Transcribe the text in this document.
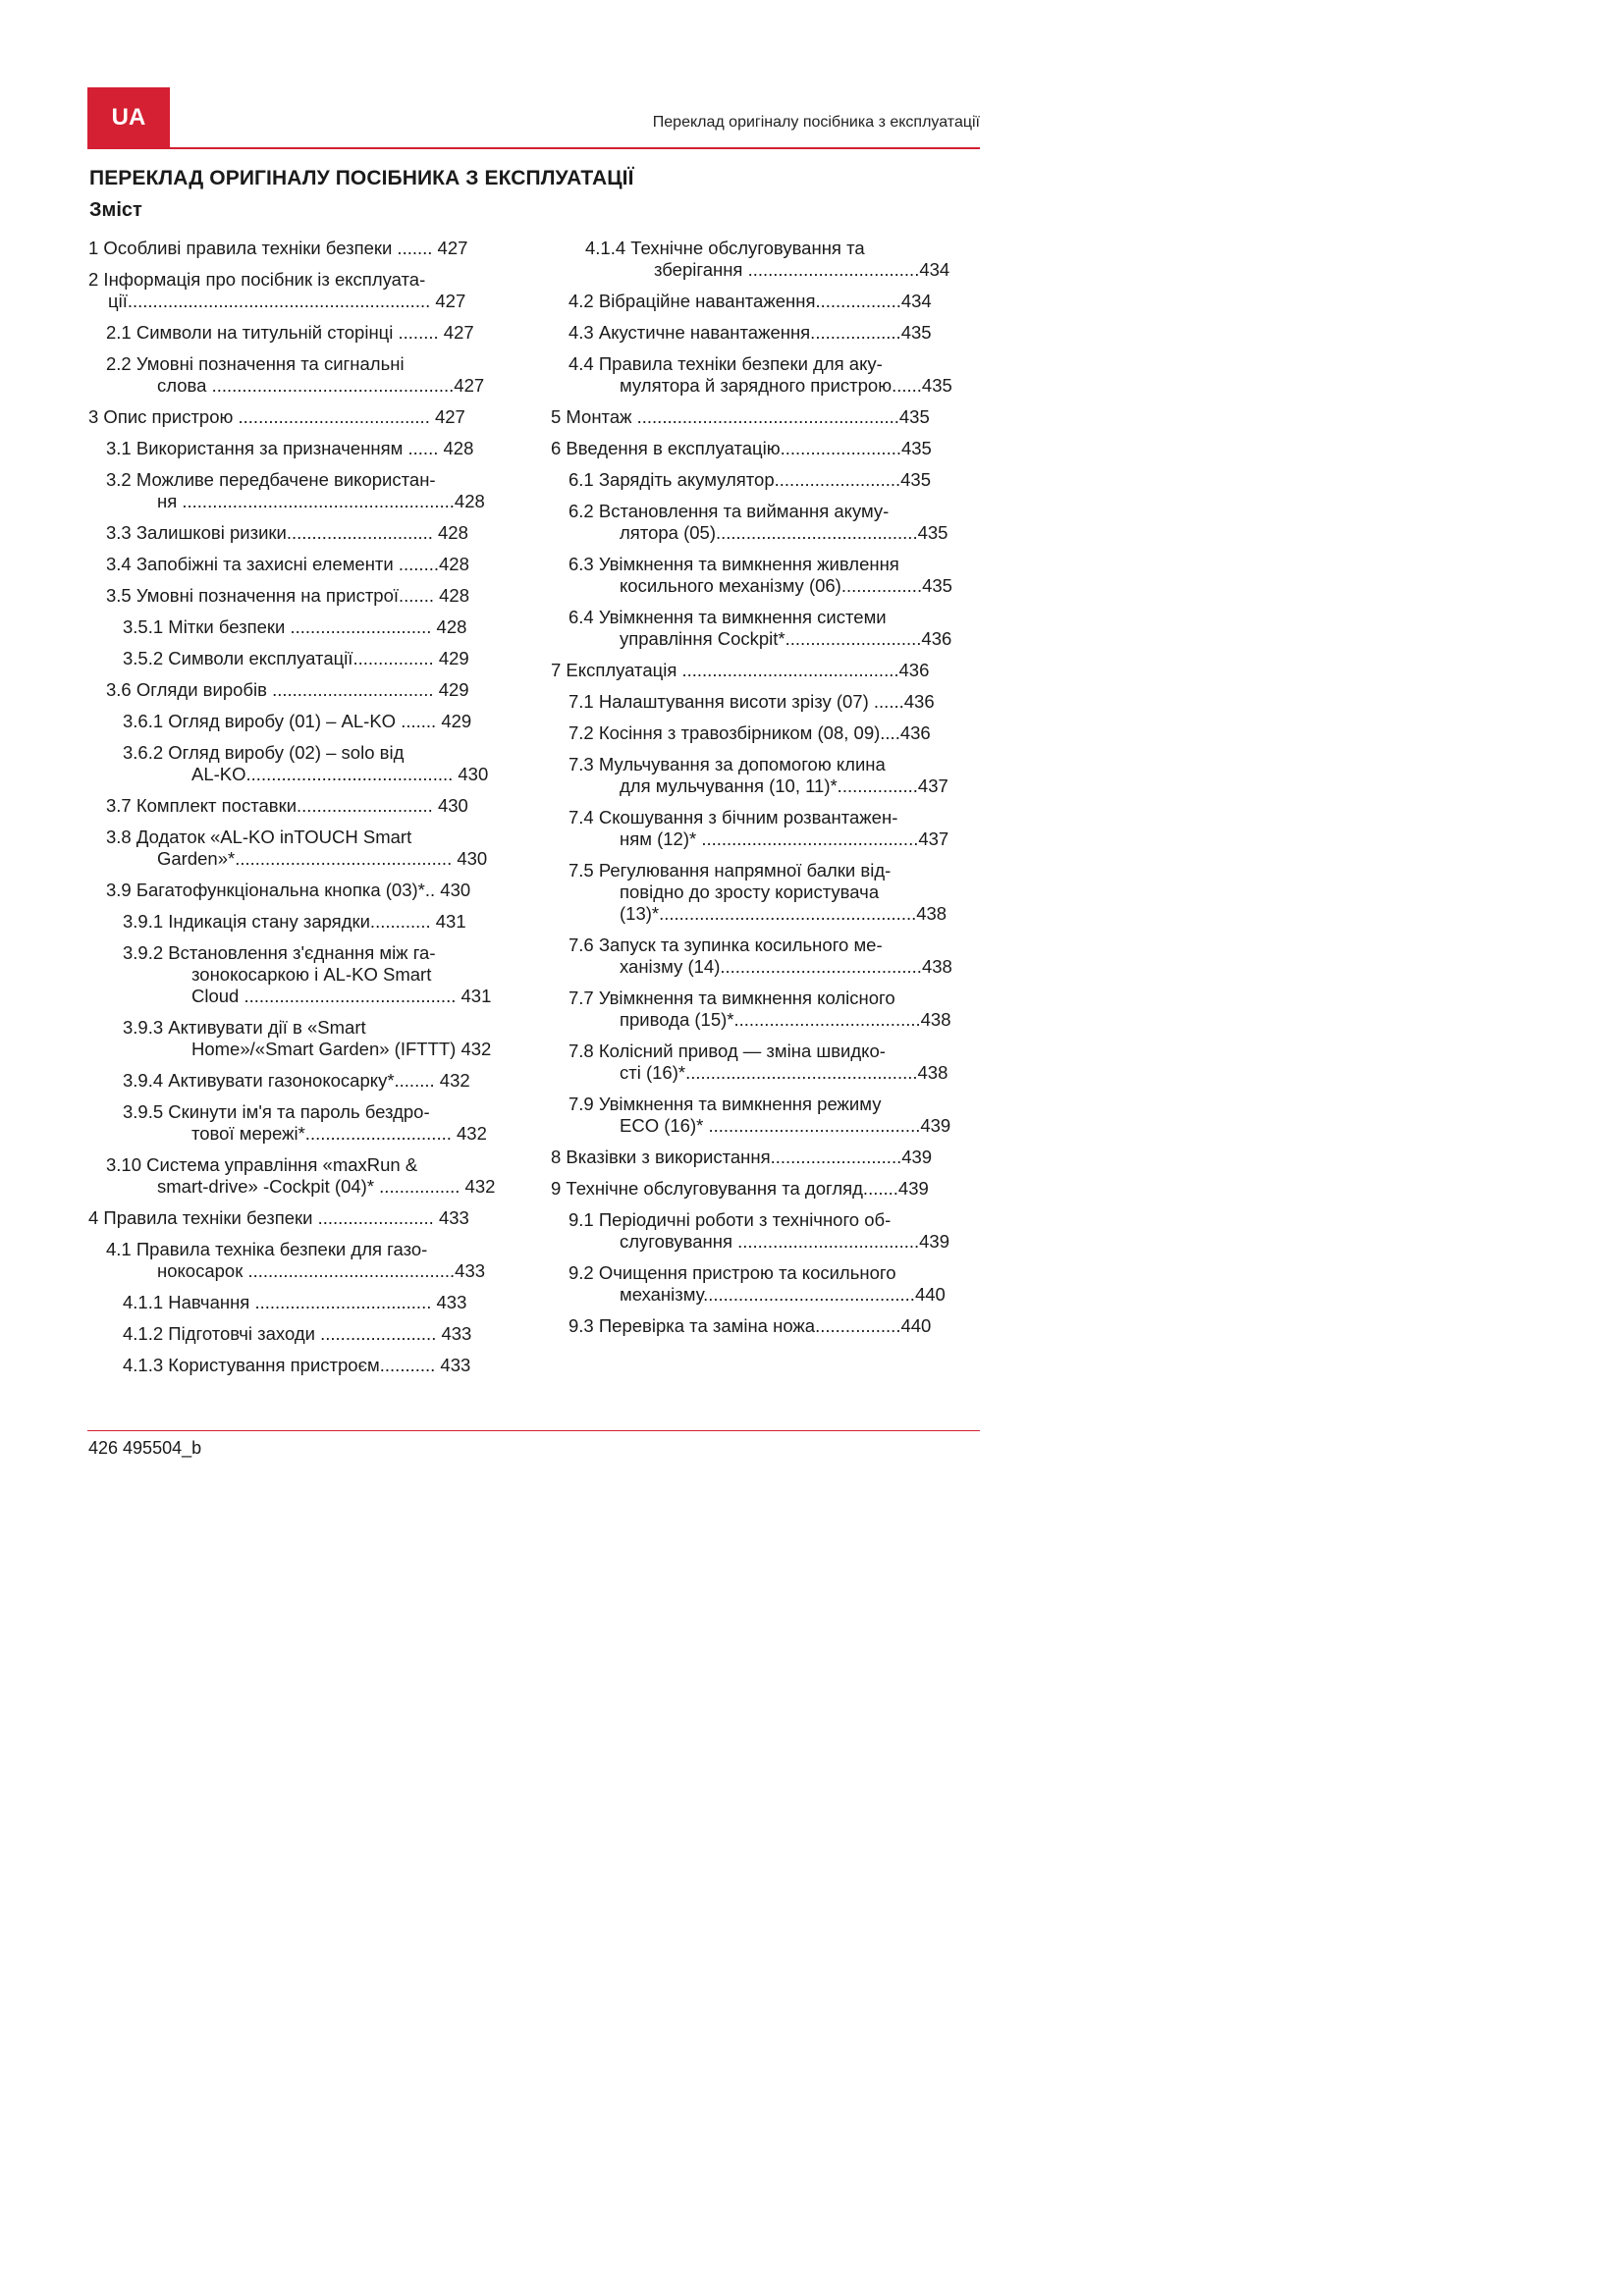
UA	Переклад оригіналу посібника з експлуатації
ПЕРЕКЛАД ОРИГІНАЛУ ПОСІБНИКА З ЕКСПЛУАТАЦІЇ
Зміст
1 Особливі правила техніки безпеки ....... 427
2 Інформація про посібник із експлуата-
ції............................................................ 427
2.1 Символи на титульній сторінці ........ 427
2.2 Умовні позначення та сигнальні
слова ................................................427
3 Опис пристрою ...................................... 427
3.1 Використання за призначенням ...... 428
3.2 Можливе передбачене використан-
ня ......................................................428
3.3 Залишкові ризики............................. 428
3.4 Запобіжні та захисні елементи ........428
3.5 Умовні позначення на пристрої....... 428
3.5.1 Мітки безпеки ............................ 428
3.5.2 Символи експлуатації................ 429
3.6 Огляди виробів ................................ 429
3.6.1 Огляд виробу (01) – AL-KO ....... 429
3.6.2 Огляд виробу (02) – solo від
AL-KO......................................... 430
3.7 Комплект поставки........................... 430
3.8 Додаток «AL-KO inTOUCH Smart
Garden»*........................................... 430
3.9 Багатофункціональна кнопка (03)*.. 430
3.9.1 Індикація стану зарядки............ 431
3.9.2 Встановлення з'єднання між га-
зонокосаркою і AL-KO Smart
Cloud .......................................... 431
3.9.3 Активувати дії в «Smart
Home»/«Smart Garden» (IFTTT) 432
3.9.4 Активувати газонокосарку*........ 432
3.9.5 Скинути ім'я та пароль бездро-
тової мережі*............................. 432
3.10 Система управління «maxRun &
smart-drive» -Cockpit (04)* ................ 432
4 Правила техніки безпеки ....................... 433
4.1 Правила техніка безпеки для газо-
нокосарок .........................................433
4.1.1 Навчання ................................... 433
4.1.2 Підготовчі заходи ....................... 433
4.1.3 Користування пристроєм........... 433
4.1.4 Технічне обслуговування та
зберігання ..................................434
4.2 Вібраційне навантаження.................434
4.3 Акустичне навантаження..................435
4.4 Правила техніки безпеки для аку-
мулятора й зарядного пристрою......435
5 Монтаж ....................................................435
6 Введення в експлуатацію........................435
6.1 Зарядіть акумулятор.........................435
6.2 Встановлення та виймання акуму-
лятора (05)........................................435
6.3 Увімкнення та вимкнення живлення
косильного механізму (06)................435
6.4 Увімкнення та вимкнення системи
управління Cockpit*...........................436
7 Експлуатація ...........................................436
7.1 Налаштування висоти зрізу (07) ......436
7.2 Косіння з травозбірником (08, 09)....436
7.3 Мульчування за допомогою клина
для мульчування (10, 11)*................437
7.4 Скошування з бічним розвантажен-
ням (12)* ...........................................437
7.5 Регулювання напрямної балки від-
повідно до зросту користувача
(13)*...................................................438
7.6 Запуск та зупинка косильного ме-
ханізму (14)........................................438
7.7 Увімкнення та вимкнення колісного
привода (15)*.....................................438
7.8 Колісний привод — зміна швидко-
сті (16)*..............................................438
7.9 Увімкнення та вимкнення режиму
ECO (16)* ..........................................439
8 Вказівки з використання..........................439
9 Технічне обслуговування та догляд.......439
9.1 Періодичні роботи з технічного об-
слуговування ....................................439
9.2 Очищення пристрою та косильного
механізму..........................................440
9.3 Перевірка та заміна ножа.................440
426 495504_b
